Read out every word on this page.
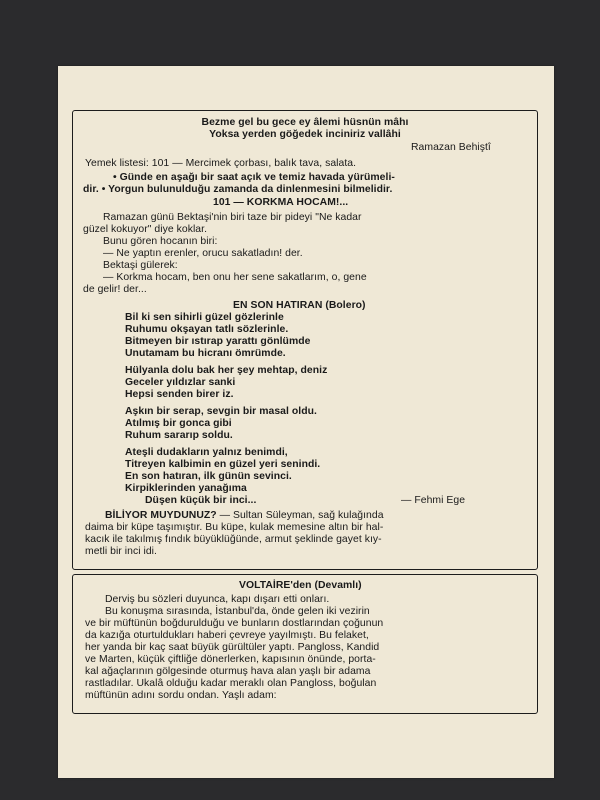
Bezme gel bu gece ey âlemi hüsnün mâhı
Yoksa yerden göğedek inciniriz vallâhi
Ramazan Behiştî
Yemek listesi: 101 — Mercimek çorbası, balık tava, salata.
• Günde en aşağı bir saat açık ve temiz havada yürümeli-
dir. • Yorgun bulunulduğu zamanda da dinlenmesini bilmelidir.
101 — KORKMA HOCAM!...
Ramazan günü Bektaşi'nin biri taze bir pideyi "Ne kadar
güzel kokuyor" diye koklar.
Bunu gören hocanın biri:
— Ne yaptın erenler, orucu sakatladın! der.
Bektaşi gülerek:
— Korkma hocam, ben onu her sene sakatlarım, o, gene
de gelir! der...
EN SON HATIRAN (Bolero)
Bil ki sen sihirli güzel gözlerinle
Ruhumu okşayan tatlı sözlerinle.
Bitmeyen bir ıstırap yarattı gönlümde
Unutamam bu hicranı ömrümde.
Hülyanla dolu bak her şey mehtap, deniz
Geceler yıldızlar sanki
Hepsi senden birer iz.
Aşkın bir serap, sevgin bir masal oldu.
Atılmış bir gonca gibi
Ruhum sararıp soldu.
Ateşli dudakların yalnız benimdi,
Titreyen kalbimin en güzel yeri senindi.
En son hatıran, ilk günün sevinci.
Kirpiklerinden yanağıma
Düşen küçük bir inci...	— Fehmi Ege
BİLİYOR MUYDUNUZ? — Sultan Süleyman, sağ kulağında
daima bir küpe taşımıştır. Bu küpe, kulak memesine altın bir hal-
kacık ile takılmış fındık büyüklüğünde, armut şeklinde gayet kıy-
metli bir inci idi.
VOLTAİRE'den (Devamlı)
Derviş bu sözleri duyunca, kapı dışarı etti onları.
Bu konuşma sırasında, İstanbul'da, önde gelen iki vezirin
ve bir müftünün boğdurulduğu ve bunların dostlarından çoğunun
da kazığa oturtuldukları haberi çevreye yayılmıştı. Bu felaket,
her yanda bir kaç saat büyük gürültüler yaptı. Pangloss, Kandid
ve Marten, küçük çiftliğe dönerlerken, kapısının önünde, porta-
kal ağaçlarının gölgesinde oturmuş hava alan yaşlı bir adama
rastladılar. Ukalâ olduğu kadar meraklı olan Pangloss, boğulan
müftünün adını sordu ondan. Yaşlı adam:
